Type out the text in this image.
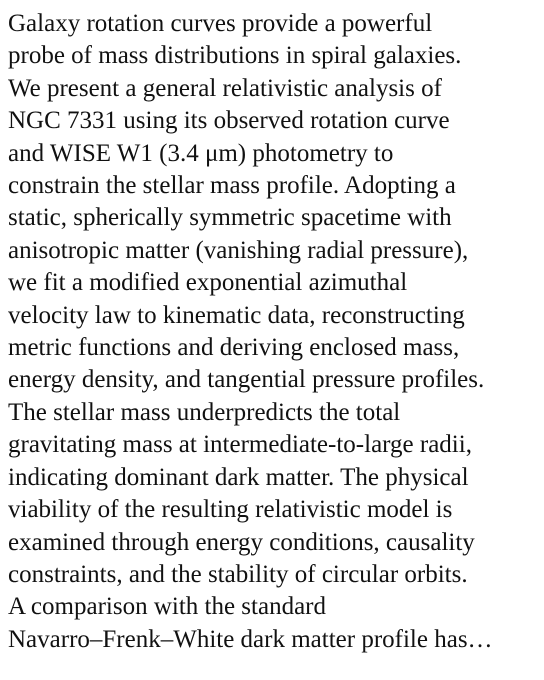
Galaxy rotation curves provide a powerful
probe of mass distributions in spiral galaxies.
We present a general relativistic analysis of
NGC 7331 using its observed rotation curve
and WISE W1 (3.4 μm) photometry to
constrain the stellar mass profile. Adopting a
static, spherically symmetric spacetime with
anisotropic matter (vanishing radial pressure),
we fit a modified exponential azimuthal
velocity law to kinematic data, reconstructing
metric functions and deriving enclosed mass,
energy density, and tangential pressure profiles.
The stellar mass underpredicts the total
gravitating mass at intermediate-to-large radii,
indicating dominant dark matter. The physical
viability of the resulting relativistic model is
examined through energy conditions, causality
constraints, and the stability of circular orbits.
A comparison with the standard
Navarro–Frenk–White dark matter profile has…
